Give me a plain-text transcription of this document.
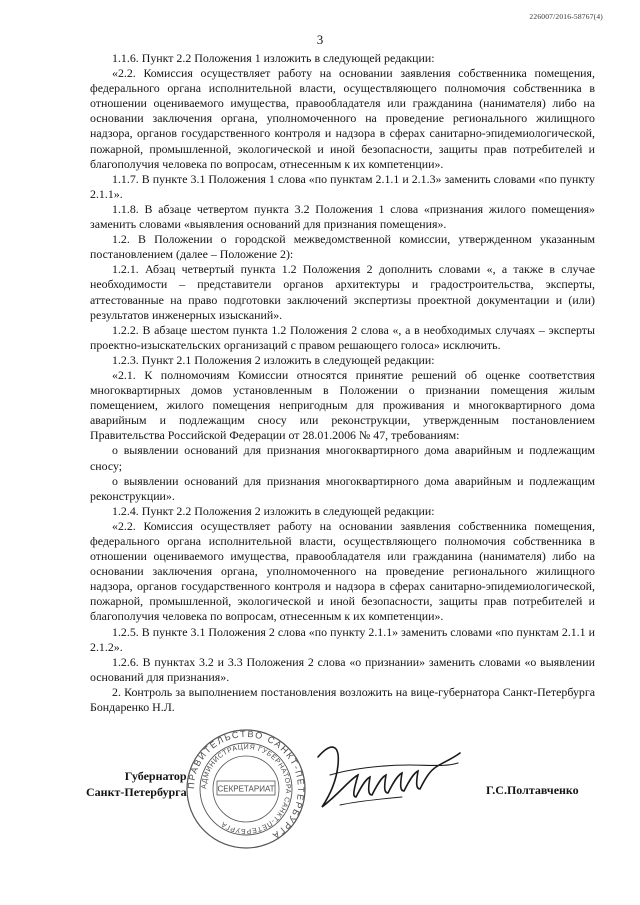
226007/2016-58767(4)
3

1.1.6. Пункт 2.2 Положения 1 изложить в следующей редакции:

«2.2. Комиссия осуществляет работу на основании заявления собственника помещения, федерального органа исполнительной власти, осуществляющего полномочия собственника в отношении оцениваемого имущества, правообладателя или гражданина (нанимателя) либо на основании заключения органа, уполномоченного на проведение регионального жилищного надзора, органов государственного контроля и надзора в сферах санитарно-эпидемиологической, пожарной, промышленной, экологической и иной безопасности, защиты прав потребителей и благополучия человека по вопросам, отнесенным к их компетенции».

1.1.7. В пункте 3.1 Положения 1 слова «по пунктам 2.1.1 и 2.1.3» заменить словами «по пункту 2.1.1».

1.1.8. В абзаце четвертом пункта 3.2 Положения 1 слова «признания жилого помещения» заменить словами «выявления оснований для признания помещения».

1.2. В Положении о городской межведомственной комиссии, утвержденном указанным постановлением (далее – Положение 2):

1.2.1. Абзац четвертый пункта 1.2 Положения 2 дополнить словами «, а также в случае необходимости – представители органов архитектуры и градостроительства, эксперты, аттестованные на право подготовки заключений экспертизы проектной документации и (или) результатов инженерных изысканий».

1.2.2. В абзаце шестом пункта 1.2 Положения 2 слова «, а в необходимых случаях – эксперты проектно-изыскательских организаций с правом решающего голоса» исключить.

1.2.3. Пункт 2.1 Положения 2 изложить в следующей редакции:

«2.1. К полномочиям Комиссии относятся принятие решений об оценке соответствия многоквартирных домов установленным в Положении о признании помещения жилым помещением, жилого помещения непригодным для проживания и многоквартирного дома аварийным и подлежащим сносу или реконструкции, утвержденным постановлением Правительства Российской Федерации от 28.01.2006 № 47, требованиям:

о выявлении оснований для признания многоквартирного дома аварийным и подлежащим сносу;

о выявлении оснований для признания многоквартирного дома аварийным и подлежащим реконструкции».

1.2.4. Пункт 2.2 Положения 2 изложить в следующей редакции:

«2.2. Комиссия осуществляет работу на основании заявления собственника помещения, федерального органа исполнительной власти, осуществляющего полномочия собственника в отношении оцениваемого имущества, правообладателя или гражданина (нанимателя) либо на основании заключения органа, уполномоченного на проведение регионального жилищного надзора, органов государственного контроля и надзора в сферах санитарно-эпидемиологической, пожарной, промышленной, экологической и иной безопасности, защиты прав потребителей и благополучия человека по вопросам, отнесенным к их компетенции».

1.2.5. В пункте 3.1 Положения 2 слова «по пункту 2.1.1» заменить словами «по пунктам 2.1.1 и 2.1.2».

1.2.6. В пунктах 3.2 и 3.3 Положения 2 слова «о признании» заменить словами «о выявлении оснований для признания».

2. Контроль за выполнением постановления возложить на вице-губернатора Санкт-Петербурга Бондаренко Н.Л.

Губернатор
Санкт-Петербурга
ПРАВИТЕЛЬСТВО САНКТ-ПЕТЕРБУРГА
АДМИНИСТРАЦИЯ ГУБЕРНАТОРА САНКТ-ПЕТЕРБУРГА
СЕКРЕТАРИАТ	Г.С.Полтавченко
